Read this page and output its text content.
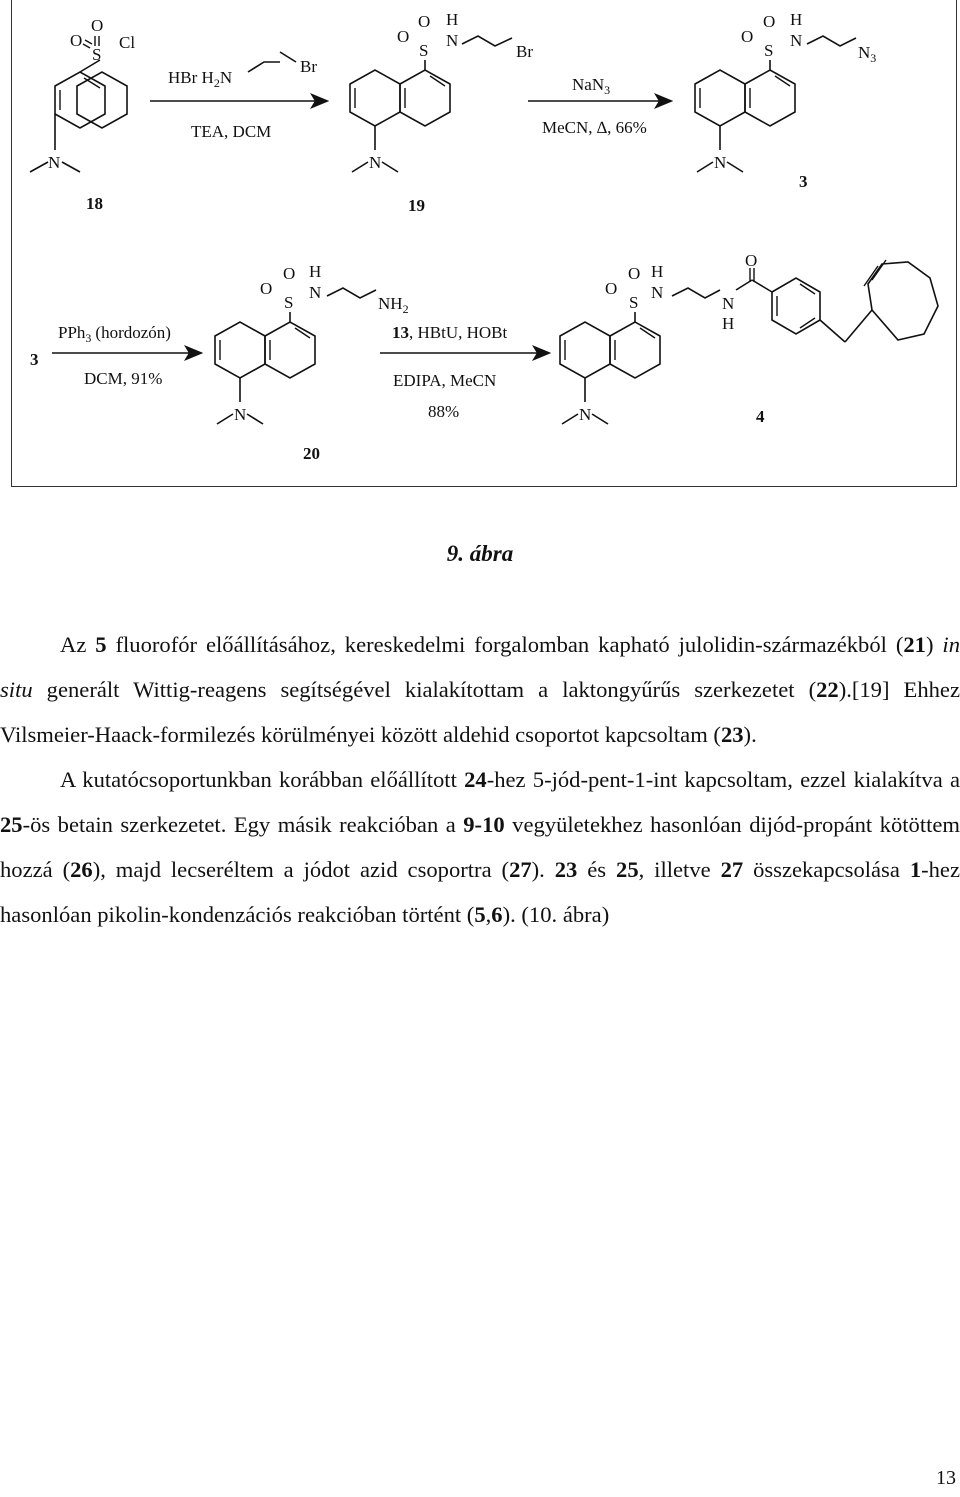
O
O
S
Cl
N
18
HBr $H_2N$
Br
TEA, DCM
O
O
S
H
N
Br
N
19
NaN$_3$
MeCN, ∆, 66%
O
O
S
H
N
$N_3$
N
3
3
PPh$_3$ (hordozón)
DCM, 91%
O
O
S
H
N
$NH_2$
N
20
13, HBtU, HOBt
EDIPA, MeCN
88%
O
O
S
H
N
N
H
O
N	4
9. ábra

Az 5 fluorofór előállításához, kereskedelmi forgalomban kapható julolidin-származékból (21) in situ generált Wittig-reagens segítségével kialakítottam a laktongyűrűs szerkezetet (22).[19] Ehhez Vilsmeier-Haack-formilezés körülményei között aldehid csoportot kapcsoltam (23).

A kutatócsoportunkban korábban előállított 24-hez 5-jód-pent-1-int kapcsoltam, ezzel kialakítva a 25-ös betain szerkezetet. Egy másik reakcióban a 9-10 vegyületekhez hasonlóan dijód-propánt kötöttem hozzá (26), majd lecseréltem a jódot azid csoportra (27). 23 és 25, illetve 27 összekapcsolása 1-hez hasonlóan pikolin-kondenzációs reakcióban történt (5,6). (10. ábra)

13
